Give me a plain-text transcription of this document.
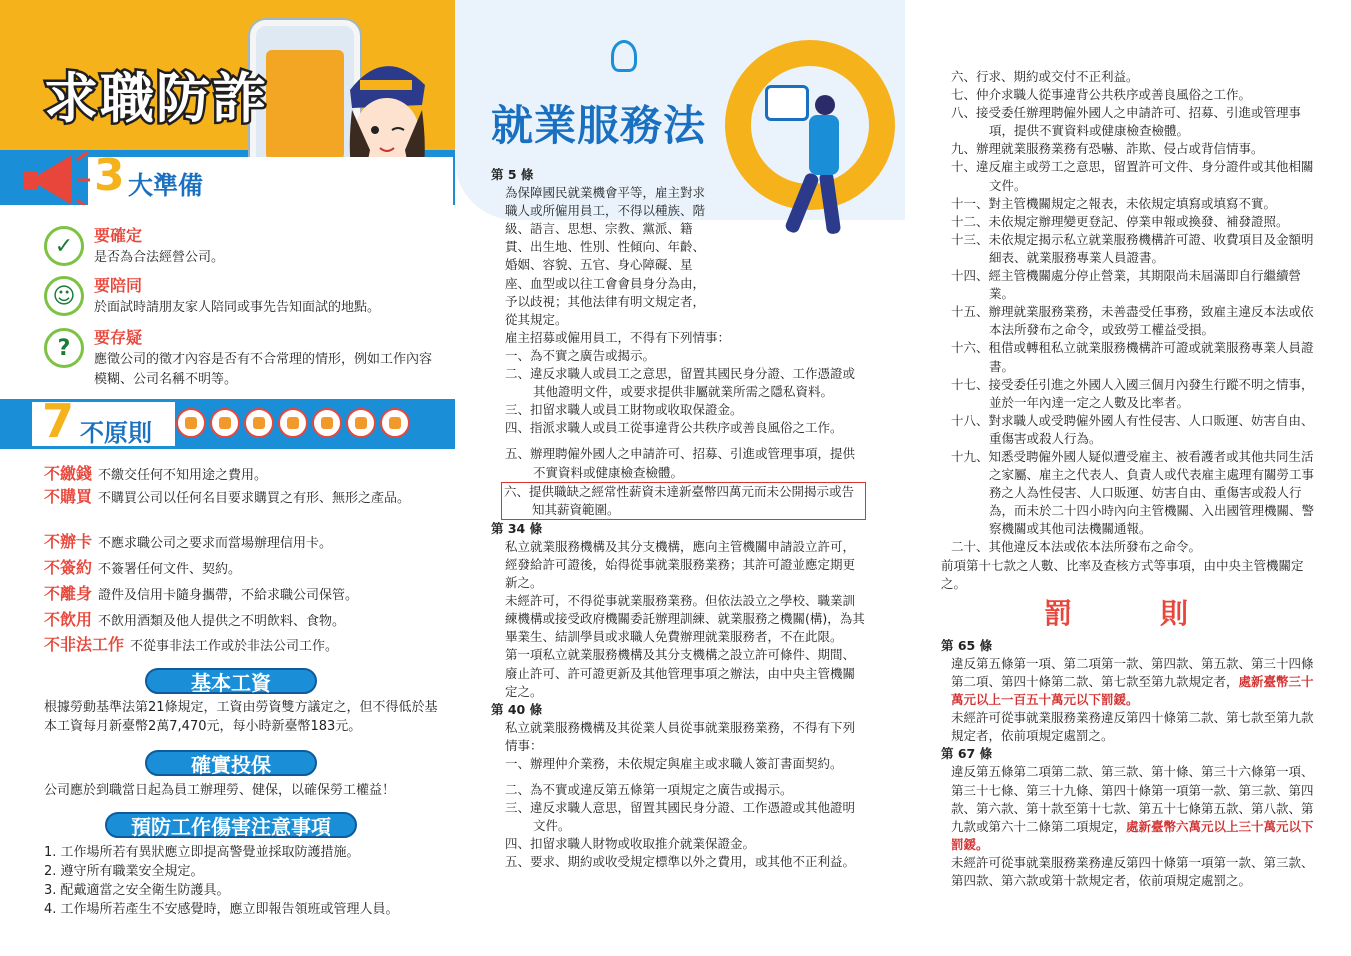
求職防詐
3 大準備
✓	要確定
是否為合法經營公司。
☺	要陪同
於面試時請朋友家人陪同或事先告知面試的地點。
?	要存疑
應徵公司的徵才內容是否有不合常理的情形，例如工作內容模糊、公司名稱不明等。
7 不原則
不繳錢 不繳交任何不知用途之費用。
不購買 不購買公司以任何名目要求購買之有形、無形之產品。
不辦卡 不應求職公司之要求而當場辦理信用卡。
不簽約 不簽署任何文件、契約。
不離身 證件及信用卡隨身攜帶，不給求職公司保管。
不飲用 不飲用酒類及他人提供之不明飲料、食物。
不非法工作 不從事非法工作或於非法公司工作。
基本工資
根據勞動基準法第21條規定，工資由勞資雙方議定之，但不得低於基本工資每月新臺幣2萬7,470元，每小時新臺幣183元。
確實投保
公司應於到職當日起為員工辦理勞、健保，以確保勞工權益！
預防工作傷害注意事項
1. 工作場所若有異狀應立即提高警覺並採取防護措施。
2. 遵守所有職業安全規定。
3. 配戴適當之安全衛生防護具。
4. 工作場所若產生不安感覺時，應立即報告領班或管理人員。
就業服務法
第 5 條
為保障國民就業機會平等，雇主對求職人或所僱用員工，不得以種族、階級、語言、思想、宗教、黨派、籍貫、出生地、性別、性傾向、年齡、婚姻、容貌、五官、身心障礙、星座、血型或以往工會會員身分為由，予以歧視；其他法律有明文規定者，從其規定。
雇主招募或僱用員工，不得有下列情事：
一、為不實之廣告或揭示。
二、違反求職人或員工之意思，留置其國民身分證、工作憑證或其他證明文件，或要求提供非屬就業所需之隱私資料。
三、扣留求職人或員工財物或收取保證金。
四、指派求職人或員工從事違背公共秩序或善良風俗之工作。
五、辦理聘僱外國人之申請許可、招募、引進或管理事項，提供不實資料或健康檢查檢體。
六、提供職缺之經常性薪資未達新臺幣四萬元而未公開揭示或告知其薪資範圍。
第 34 條
私立就業服務機構及其分支機構，應向主管機關申請設立許可，經發給許可證後，始得從事就業服務業務；其許可證並應定期更新之。
未經許可，不得從事就業服務業務。但依法設立之學校、職業訓練機構或接受政府機關委託辦理訓練、就業服務之機關(構)，為其畢業生、結訓學員或求職人免費辦理就業服務者，不在此限。
第一項私立就業服務機構及其分支機構之設立許可條件、期間、廢止許可、許可證更新及其他管理事項之辦法，由中央主管機關定之。
第 40 條
私立就業服務機構及其從業人員從事就業服務業務，不得有下列情事：
一、辦理仲介業務，未依規定與雇主或求職人簽訂書面契約。
二、為不實或違反第五條第一項規定之廣告或揭示。
三、違反求職人意思，留置其國民身分證、工作憑證或其他證明文件。
四、扣留求職人財物或收取推介就業保證金。
五、要求、期約或收受規定標準以外之費用，或其他不正利益。
六、行求、期約或交付不正利益。
七、仲介求職人從事違背公共秩序或善良風俗之工作。
八、接受委任辦理聘僱外國人之申請許可、招募、引進或管理事項，提供不實資料或健康檢查檢體。
九、辦理就業服務業務有恐嚇、詐欺、侵占或背信情事。
十、違反雇主或勞工之意思，留置許可文件、身分證件或其他相關文件。
十一、對主管機關規定之報表，未依規定填寫或填寫不實。
十二、未依規定辦理變更登記、停業申報或換發、補發證照。
十三、未依規定揭示私立就業服務機構許可證、收費項目及金額明細表、就業服務專業人員證書。
十四、經主管機關處分停止營業，其期限尚未屆滿即自行繼續營業。
十五、辦理就業服務業務，未善盡受任事務，致雇主違反本法或依本法所發布之命令，或致勞工權益受損。
十六、租借或轉租私立就業服務機構許可證或就業服務專業人員證書。
十七、接受委任引進之外國人入國三個月內發生行蹤不明之情事，並於一年內達一定之人數及比率者。
十八、對求職人或受聘僱外國人有性侵害、人口販運、妨害自由、重傷害或殺人行為。
十九、知悉受聘僱外國人疑似遭受雇主、被看護者或其他共同生活之家屬、雇主之代表人、負責人或代表雇主處理有關勞工事務之人為性侵害、人口販運、妨害自由、重傷害或殺人行為，而未於二十四小時內向主管機關、入出國管理機關、警察機關或其他司法機關通報。
二十、其他違反本法或依本法所發布之命令。
前項第十七款之人數、比率及查核方式等事項，由中央主管機關定之。
罰　則
第 65 條
違反第五條第一項、第二項第一款、第四款、第五款、第三十四條第二項、第四十條第二款、第七款至第九款規定者，處新臺幣三十萬元以上一百五十萬元以下罰鍰。
未經許可從事就業服務業務違反第四十條第二款、第七款至第九款規定者，依前項規定處罰之。
第 67 條
違反第五條第二項第二款、第三款、第十條、第三十六條第一項、第三十七條、第三十九條、第四十條第一項第一款、第三款、第四款、第六款、第十款至第十七款、第五十七條第五款、第八款、第九款或第六十二條第二項規定，處新臺幣六萬元以上三十萬元以下罰鍰。
未經許可從事就業服務業務違反第四十條第一項第一款、第三款、第四款、第六款或第十款規定者，依前項規定處罰之。
